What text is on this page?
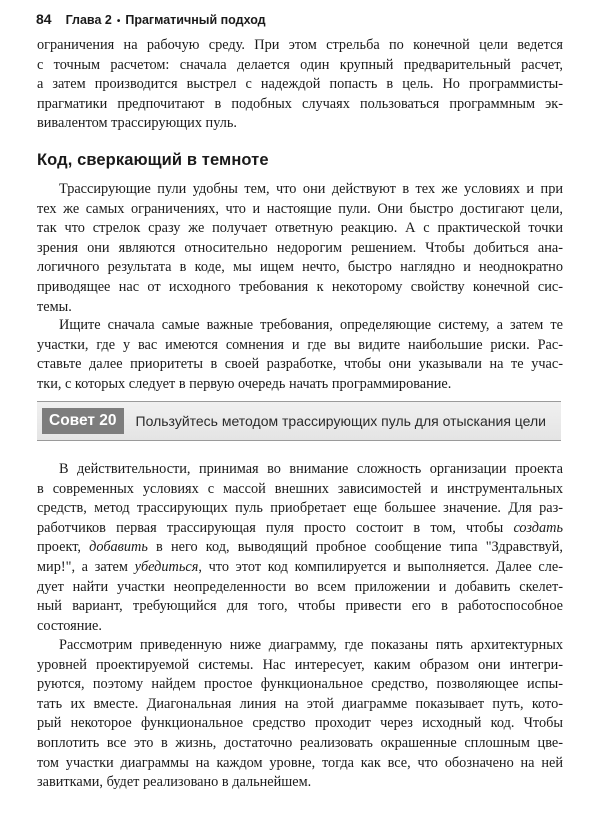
84 Глава 2 • Прагматичный подход
ограничения на рабочую среду. При этом стрельба по конечной цели ведется
с точным расчетом: сначала делается один крупный предварительный расчет,
а затем производится выстрел с надеждой попасть в цель. Но программисты-
прагматики предпочитают в подобных случаях пользоваться программным эк-
вивалентом трассирующих пуль.
Код, сверкающий в темноте
Трассирующие пули удобны тем, что они действуют в тех же условиях и при
тех же самых ограничениях, что и настоящие пули. Они быстро достигают цели,
так что стрелок сразу же получает ответную реакцию. А с практической точки
зрения они являются относительно недорогим решением. Чтобы добиться ана-
логичного результата в коде, мы ищем нечто, быстро наглядно и неоднократно
приводящее нас от исходного требования к некоторому свойству конечной сис-
темы.
Ищите сначала самые важные требования, определяющие систему, а затем те
участки, где у вас имеются сомнения и где вы видите наибольшие риски. Рас-
ставьте далее приоритеты в своей разработке, чтобы они указывали на те учас-
тки, с которых следует в первую очередь начать программирование.
Совет 20	Пользуйтесь методом трассирующих пуль для отыскания цели
В действительности, принимая во внимание сложность организации проекта
в современных условиях с массой внешних зависимостей и инструментальных
средств, метод трассирующих пуль приобретает еще большее значение. Для раз-
работчиков первая трассирующая пуля просто состоит в том, чтобы создать
проект, добавить в него код, выводящий пробное сообщение типа "Здравствуй,
мир!", а затем убедиться, что этот код компилируется и выполняется. Далее сле-
дует найти участки неопределенности во всем приложении и добавить скелет-
ный вариант, требующийся для того, чтобы привести его в работоспособное
состояние.
Рассмотрим приведенную ниже диаграмму, где показаны пять архитектурных
уровней проектируемой системы. Нас интересует, каким образом они интегри-
руются, поэтому найдем простое функциональное средство, позволяющее испы-
тать их вместе. Диагональная линия на этой диаграмме показывает путь, кото-
рый некоторое функциональное средство проходит через исходный код. Чтобы
воплотить все это в жизнь, достаточно реализовать окрашенные сплошным цве-
том участки диаграммы на каждом уровне, тогда как все, что обозначено на ней
завитками, будет реализовано в дальнейшем.
